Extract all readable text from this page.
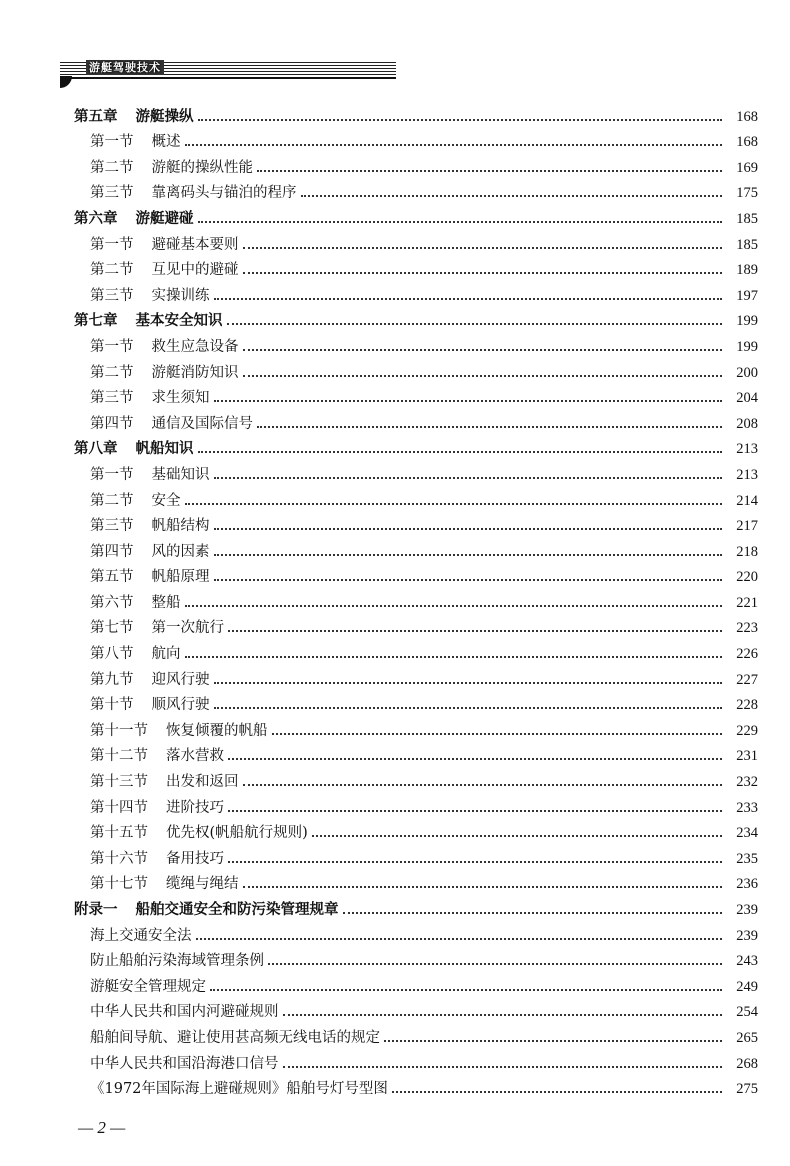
游艇驾驶技术
第五章 游艇操纵	168
第一节 概述	168
第二节 游艇的操纵性能	169
第三节 靠离码头与锚泊的程序	175
第六章 游艇避碰	185
第一节 避碰基本要则	185
第二节 互见中的避碰	189
第三节 实操训练	197
第七章 基本安全知识	199
第一节 救生应急设备	199
第二节 游艇消防知识	200
第三节 求生须知	204
第四节 通信及国际信号	208
第八章 帆船知识	213
第一节 基础知识	213
第二节 安全	214
第三节 帆船结构	217
第四节 风的因素	218
第五节 帆船原理	220
第六节 整船	221
第七节 第一次航行	223
第八节 航向	226
第九节 迎风行驶	227
第十节 顺风行驶	228
第十一节 恢复倾覆的帆船	229
第十二节 落水营救	231
第十三节 出发和返回	232
第十四节 进阶技巧	233
第十五节 优先权(帆船航行规则)	234
第十六节 备用技巧	235
第十七节 缆绳与绳结	236
附录一 船舶交通安全和防污染管理规章	239
海上交通安全法	239
防止船舶污染海域管理条例	243
游艇安全管理规定	249
中华人民共和国内河避碰规则	254
船舶间导航、避让使用甚高频无线电话的规定	265
中华人民共和国沿海港口信号	268
《1972年国际海上避碰规则》船舶号灯号型图	275
— 2 —
